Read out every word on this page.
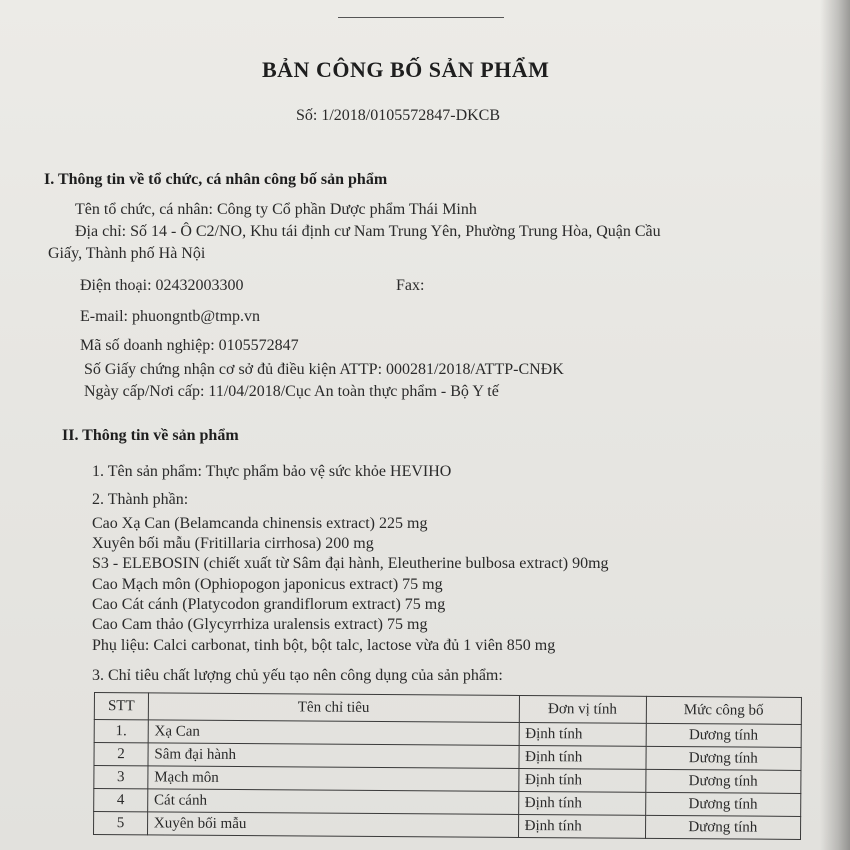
BẢN CÔNG BỐ SẢN PHẨM
Số: 1/2018/0105572847-DKCB
I. Thông tin về tổ chức, cá nhân công bố sản phẩm
Tên tổ chức, cá nhân: Công ty Cổ phần Dược phẩm Thái Minh
Địa chỉ: Số 14 - Ô C2/NO, Khu tái định cư Nam Trung Yên, Phường Trung Hòa, Quận Cầu
Giấy, Thành phố Hà Nội
Điện thoại: 02432003300	Fax:
E-mail: phuongntb@tmp.vn
Mã số doanh nghiệp: 0105572847
Số Giấy chứng nhận cơ sở đủ điều kiện ATTP: 000281/2018/ATTP-CNĐK
Ngày cấp/Nơi cấp: 11/04/2018/Cục An toàn thực phẩm - Bộ Y tế
II. Thông tin về sản phẩm
1. Tên sản phẩm: Thực phẩm bảo vệ sức khỏe HEVIHO
2. Thành phần:
Cao Xạ Can (Belamcanda chinensis extract) 225 mg
Xuyên bối mẫu (Fritillaria cirrhosa) 200 mg
S3 - ELEBOSIN (chiết xuất từ Sâm đại hành, Eleutherine bulbosa extract) 90mg
Cao Mạch môn (Ophiopogon japonicus extract) 75 mg
Cao Cát cánh (Platycodon grandiflorum extract) 75 mg
Cao Cam thảo (Glycyrrhiza uralensis extract) 75 mg
Phụ liệu: Calci carbonat, tinh bột, bột talc, lactose vừa đủ 1 viên 850 mg
3. Chỉ tiêu chất lượng chủ yếu tạo nên công dụng của sản phẩm:
STT	Tên chỉ tiêu	Đơn vị tính	Mức công bố
1.	Xạ Can	Định tính	Dương tính
2	Sâm đại hành	Định tính	Dương tính
3	Mạch môn	Định tính	Dương tính
4	Cát cánh	Định tính	Dương tính
5	Xuyên bối mẫu	Định tính	Dương tính
